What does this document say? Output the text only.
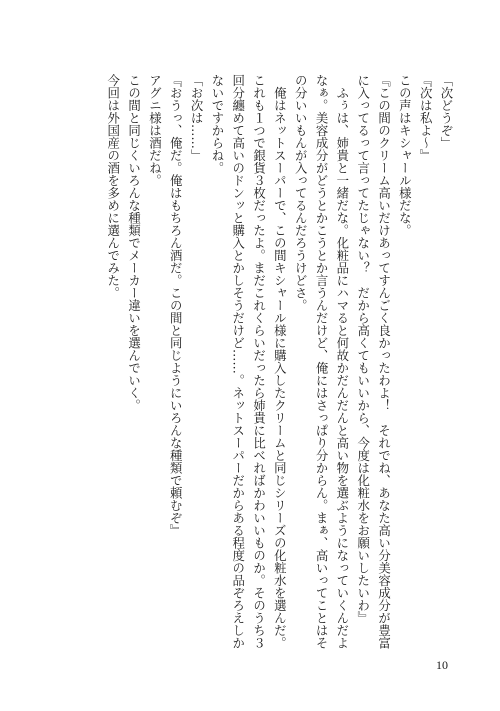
「次どうぞ」
『次は私よ～』
この声はキシャール様だな。
『この間のクリーム高いだけあってすんごく良かったわよ！　それでね、あなた高い分美容成分が豊富に入ってるって言ってたじゃない？　だから高くてもいいから、今度は化粧水をお願いしたいわ』
　ふぅは、姉貴と一緒だな。化粧品にハマると何故かだんだんと高い物を選ぶようになっていくんだよなぁ。美容成分がどうとかこうとか言うんだけど、俺にはさっぱり分からん。まぁ、高いってことはその分いいもんが入ってるんだろうけどさ。
　俺はネットスーパーで、この間キシャール様に購入したクリームと同じシリーズの化粧水を選んだ。これも１つで銀貨３枚だったよ。まだこれくらいだったら姉貴に比べればかわいいものか。そのうち３回分纏めて高いのドンッと購入とかしそうだけど……。ネットスーパーだからある程度の品ぞろえしかないですからね。
「お次は……」
『おうっ、俺だ。俺はもちろん酒だ。この間と同じようにいろんな種類で頼むぞ』
アグニ様は酒だね。
この間と同じくいろんな種類でメーカー違いを選んでいく。
今回は外国産の酒を多めに選んでみた。
10
